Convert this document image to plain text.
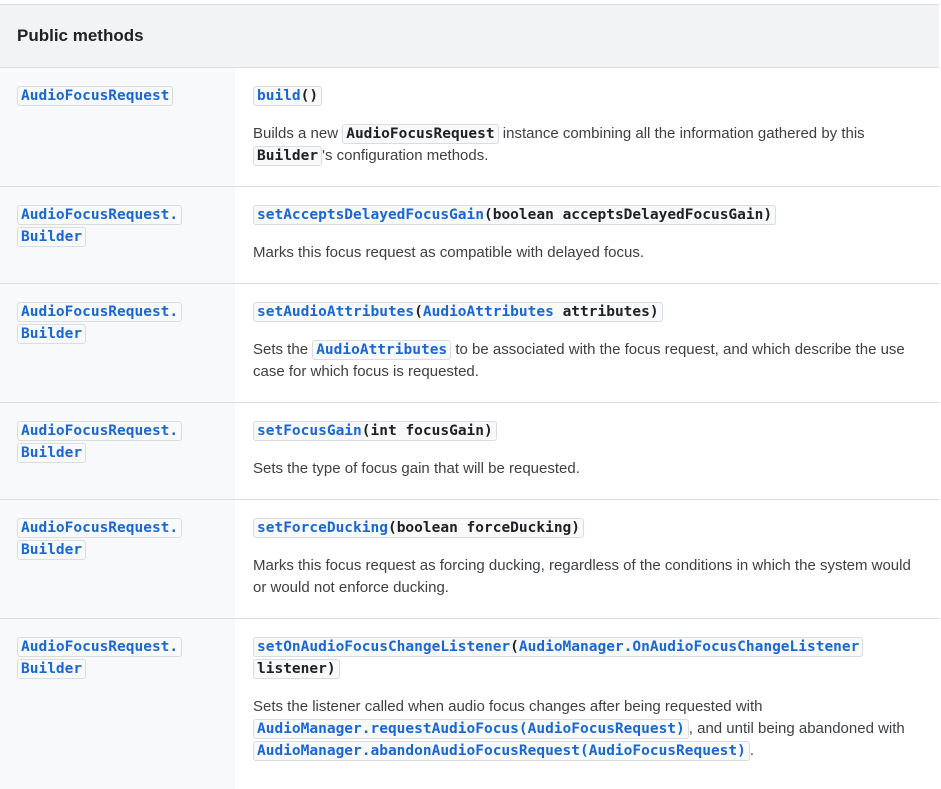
Public methods
AudioFocusRequest	build()
Builds a new AudioFocusRequest instance combining all the information gathered by this Builder 's configuration methods.
AudioFocusRequest.
Builder
setAcceptsDelayedFocusGain(boolean acceptsDelayedFocusGain)
Marks this focus request as compatible with delayed focus.
AudioFocusRequest.
Builder
setAudioAttributes(AudioAttributes attributes)
Sets the AudioAttributes to be associated with the focus request, and which describe the use case for which focus is requested.
AudioFocusRequest.
Builder
setFocusGain(int focusGain)
Sets the type of focus gain that will be requested.
AudioFocusRequest.
Builder
setForceDucking(boolean forceDucking)
Marks this focus request as forcing ducking, regardless of the conditions in which the system would or would not enforce ducking.
AudioFocusRequest.
Builder
setOnAudioFocusChangeListener(AudioManager.OnAudioFocusChangeListener
listener)
Sets the listener called when audio focus changes after being requested with AudioManager.requestAudioFocus(AudioFocusRequest) , and until being abandoned with AudioManager.abandonAudioFocusRequest(AudioFocusRequest) .
